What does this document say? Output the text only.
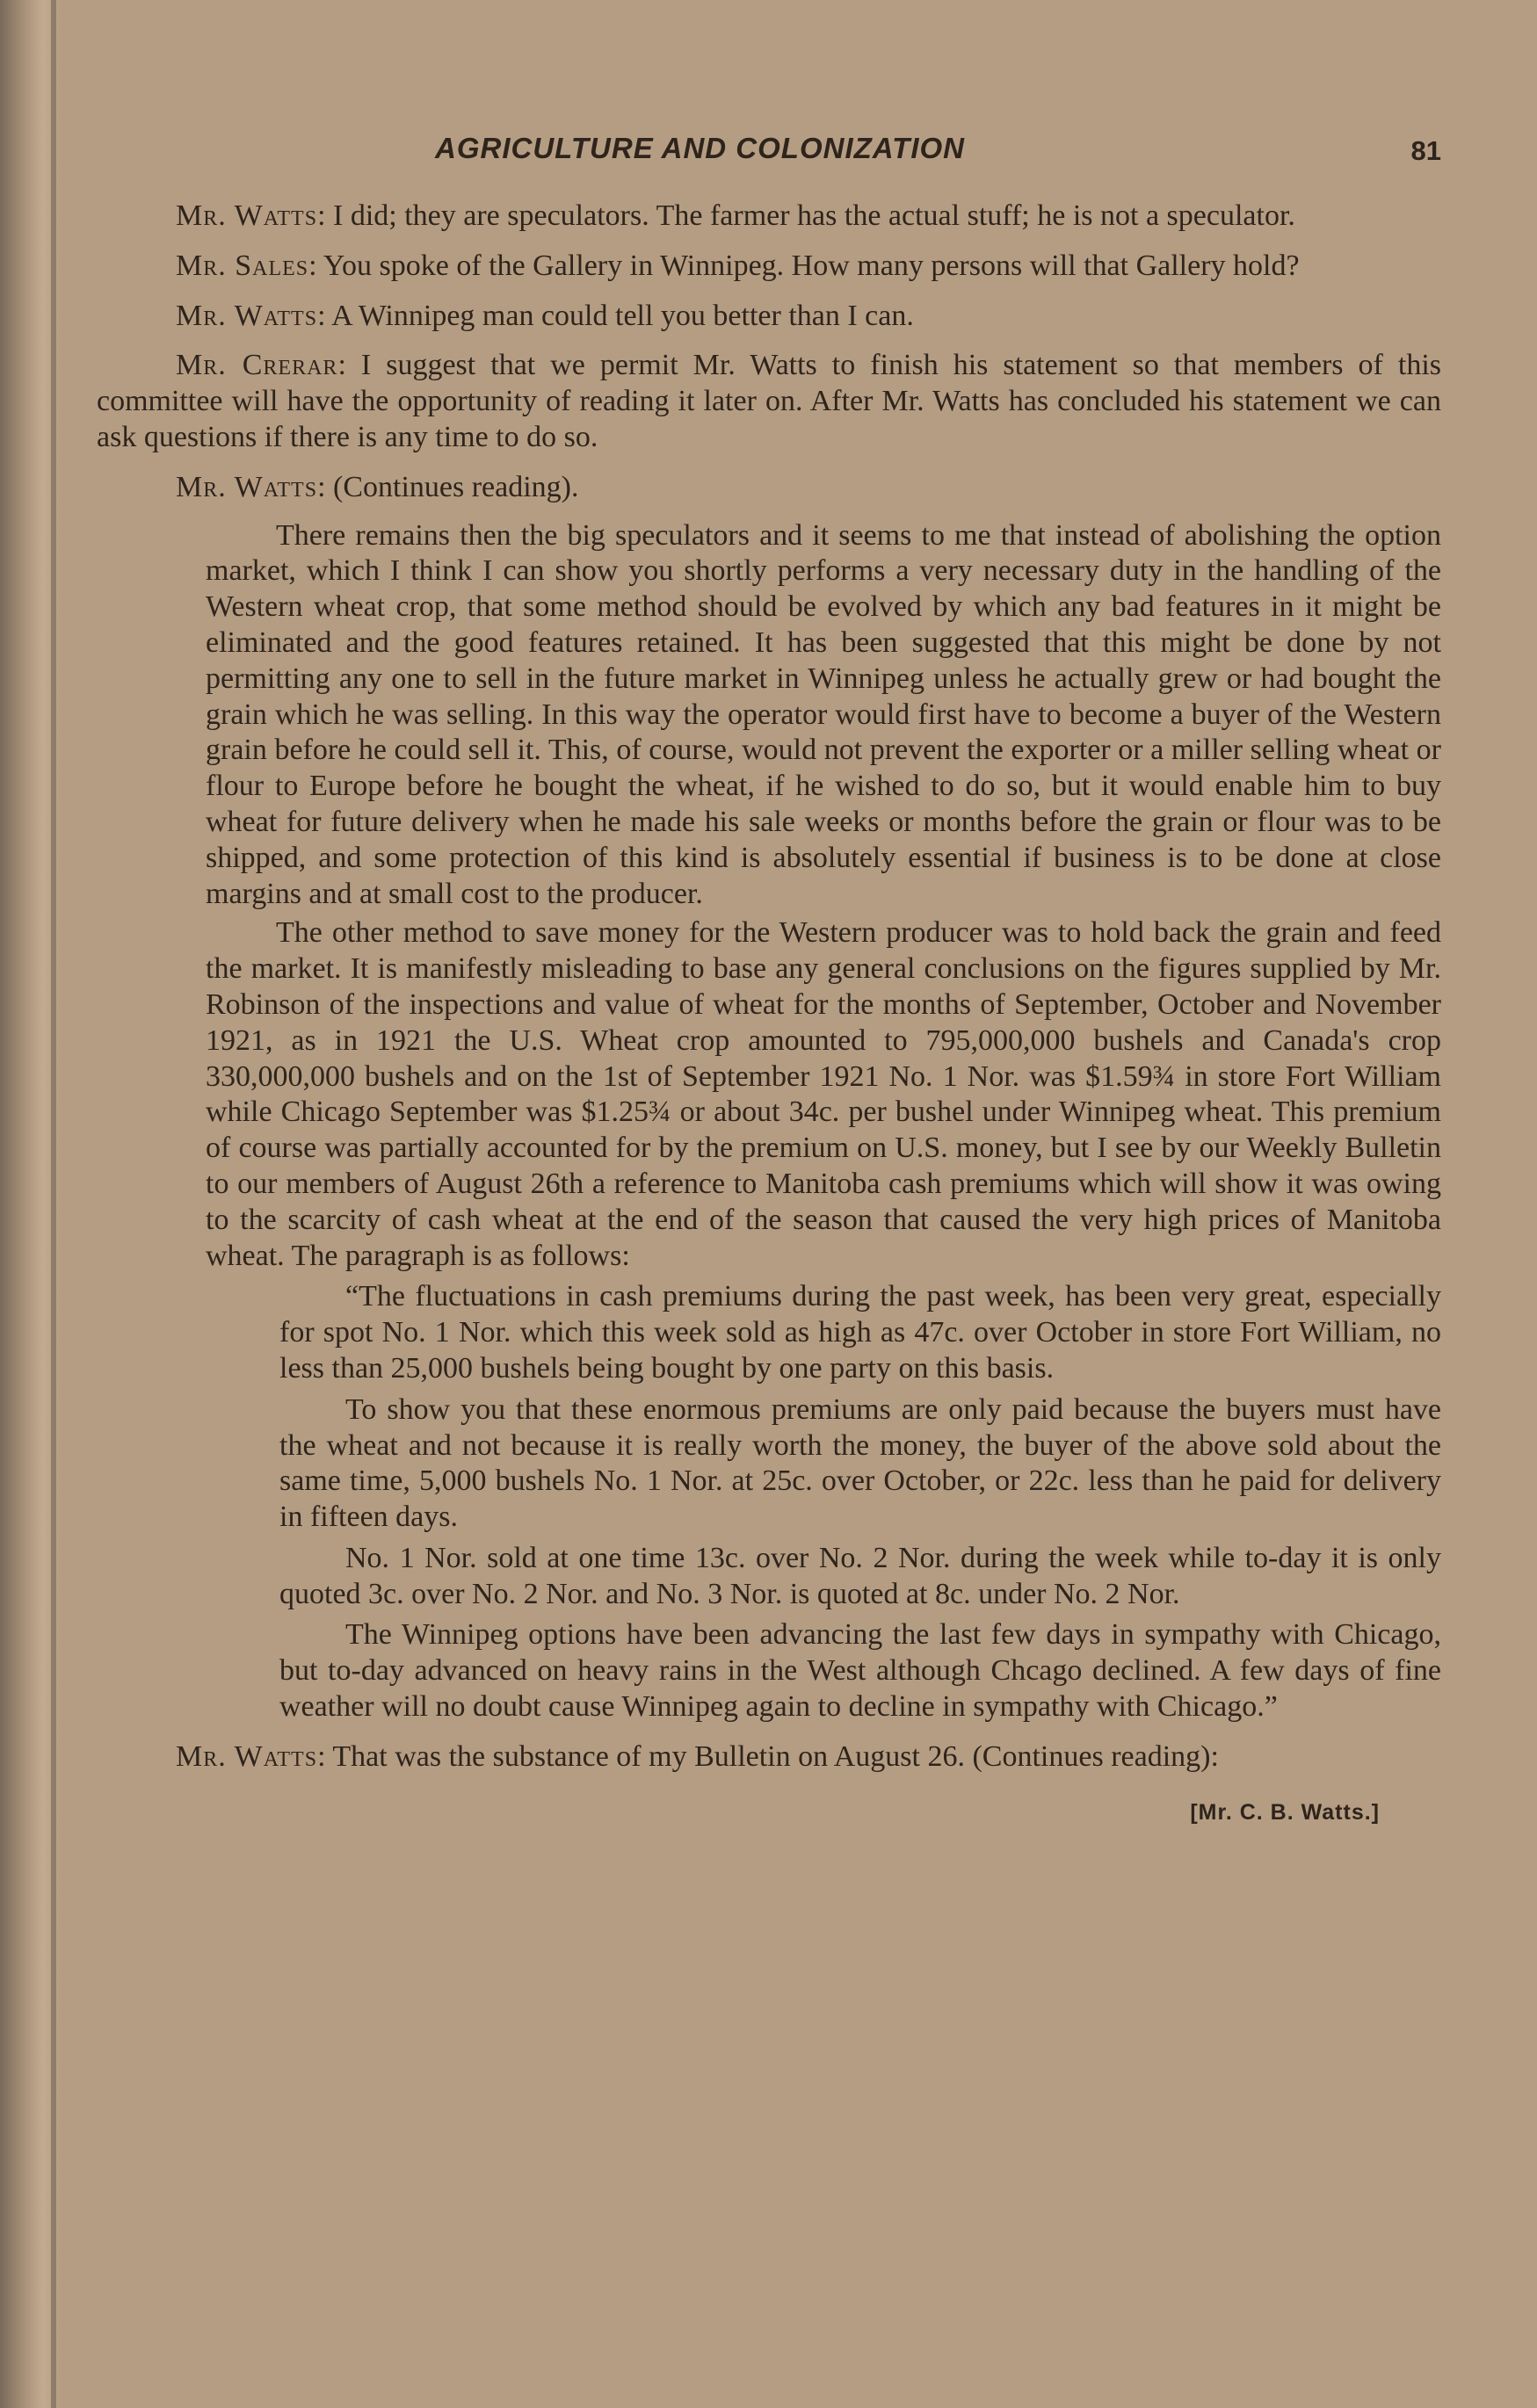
AGRICULTURE AND COLONIZATION	81

Mr. Watts: I did; they are speculators. The farmer has the actual stuff; he is not a speculator.

Mr. Sales: You spoke of the Gallery in Winnipeg. How many persons will that Gallery hold?

Mr. Watts: A Winnipeg man could tell you better than I can.

Mr. Crerar: I suggest that we permit Mr. Watts to finish his statement so that members of this committee will have the opportunity of reading it later on. After Mr. Watts has concluded his statement we can ask questions if there is any time to do so.

Mr. Watts: (Continues reading).

There remains then the big speculators and it seems to me that instead of abolishing the option market, which I think I can show you shortly performs a very necessary duty in the handling of the Western wheat crop, that some method should be evolved by which any bad features in it might be eliminated and the good features retained. It has been suggested that this might be done by not permitting any one to sell in the future market in Winnipeg unless he actually grew or had bought the grain which he was selling. In this way the operator would first have to become a buyer of the Western grain before he could sell it. This, of course, would not prevent the exporter or a miller selling wheat or flour to Europe before he bought the wheat, if he wished to do so, but it would enable him to buy wheat for future delivery when he made his sale weeks or months before the grain or flour was to be shipped, and some protection of this kind is absolutely essential if business is to be done at close margins and at small cost to the producer.

The other method to save money for the Western producer was to hold back the grain and feed the market. It is manifestly misleading to base any general conclusions on the figures supplied by Mr. Robinson of the inspections and value of wheat for the months of September, October and November 1921, as in 1921 the U.S. Wheat crop amounted to 795,000,000 bushels and Canada's crop 330,000,000 bushels and on the 1st of September 1921 No. 1 Nor. was $1.59¾ in store Fort William while Chicago September was $1.25¾ or about 34c. per bushel under Winnipeg wheat. This premium of course was partially accounted for by the premium on U.S. money, but I see by our Weekly Bulletin to our members of August 26th a reference to Manitoba cash premiums which will show it was owing to the scarcity of cash wheat at the end of the season that caused the very high prices of Manitoba wheat. The paragraph is as follows:

“The fluctuations in cash premiums during the past week, has been very great, especially for spot No. 1 Nor. which this week sold as high as 47c. over October in store Fort William, no less than 25,000 bushels being bought by one party on this basis.

To show you that these enormous premiums are only paid because the buyers must have the wheat and not because it is really worth the money, the buyer of the above sold about the same time, 5,000 bushels No. 1 Nor. at 25c. over October, or 22c. less than he paid for delivery in fifteen days.

No. 1 Nor. sold at one time 13c. over No. 2 Nor. during the week while to-day it is only quoted 3c. over No. 2 Nor. and No. 3 Nor. is quoted at 8c. under No. 2 Nor.

The Winnipeg options have been advancing the last few days in sympathy with Chicago, but to-day advanced on heavy rains in the West although Chcago declined. A few days of fine weather will no doubt cause Winnipeg again to decline in sympathy with Chicago.”

Mr. Watts: That was the substance of my Bulletin on August 26. (Continues reading):

[Mr. C. B. Watts.]
